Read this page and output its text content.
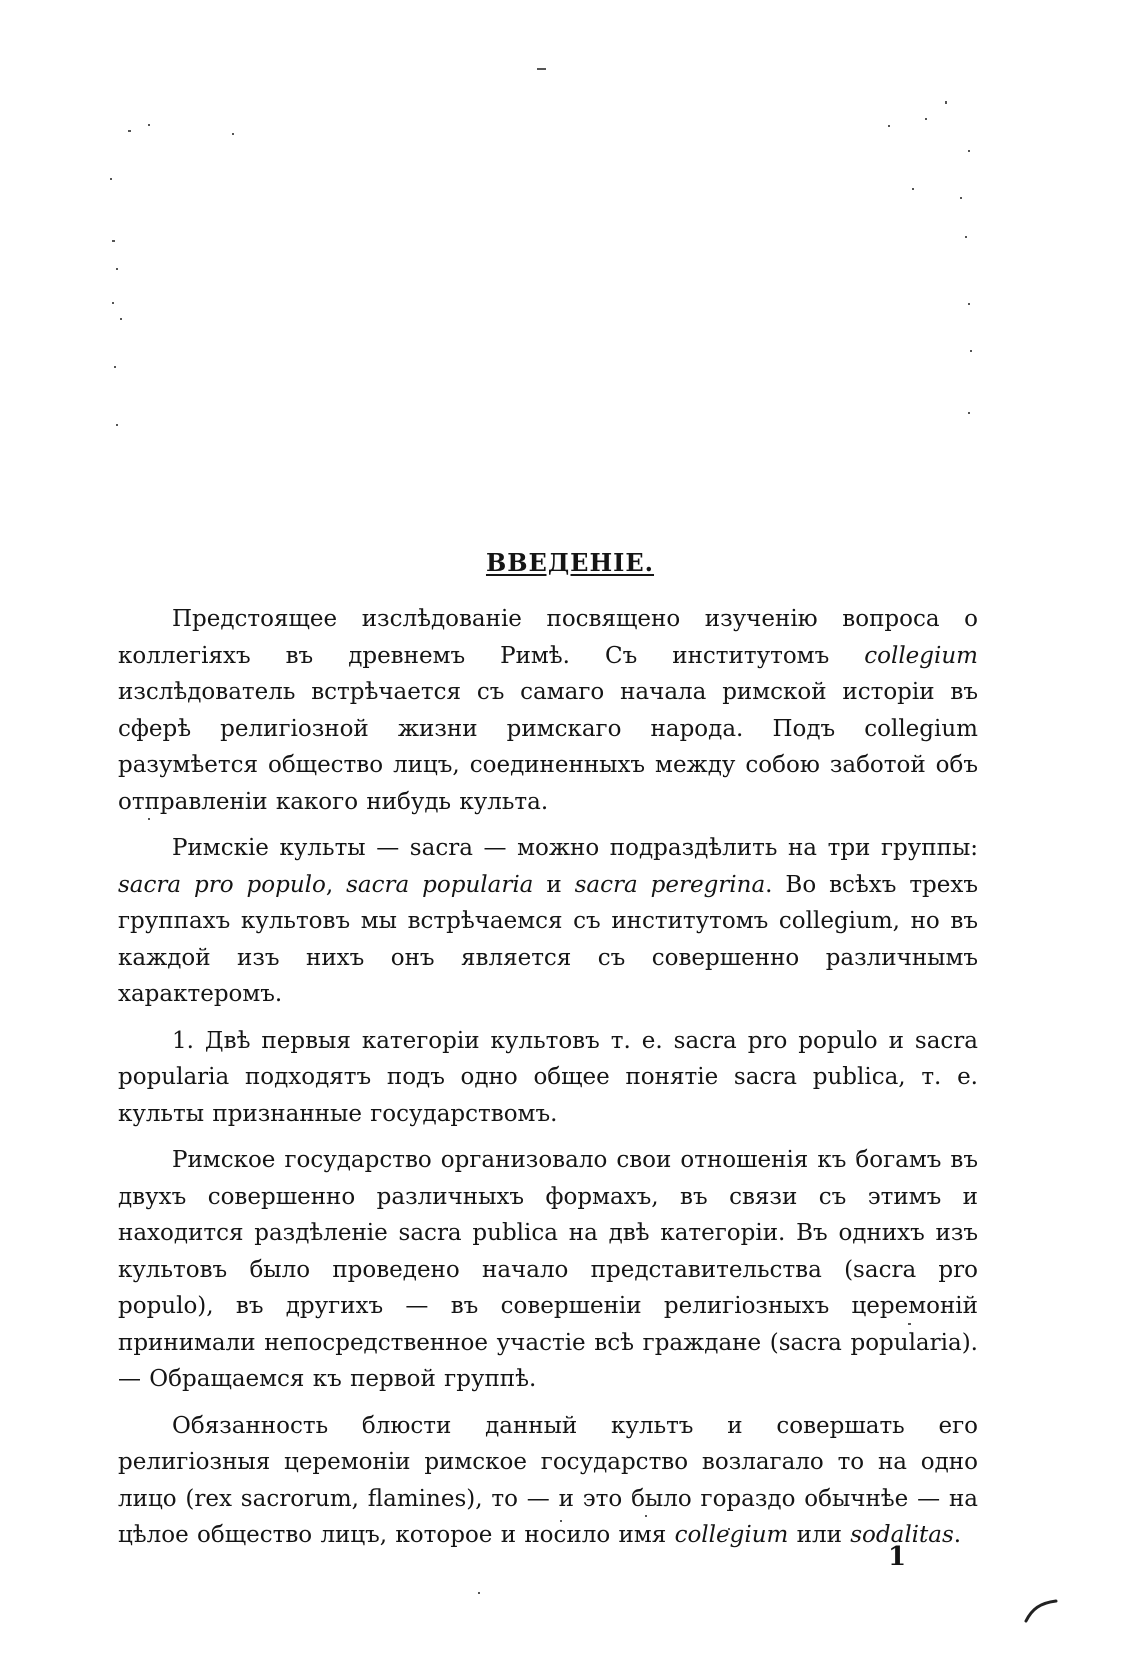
ВВЕДЕНІЕ.

Предстоящее изслѣдованіе посвящено изученію вопроса о коллегіяхъ въ древнемъ Римѣ. Съ институтомъ collegium изслѣдователь встрѣчается съ самаго начала римской исторіи въ сферѣ религіозной жизни римскаго народа. Подъ collegium разумѣется общество лицъ, соединенныхъ между собою заботой объ отправленіи какого нибудь культа.

Римскіе культы — sacra — можно подраздѣлить на три группы: sacra pro populo, sacra popularia и sacra peregrina. Во всѣхъ трехъ группахъ культовъ мы встрѣчаемся съ институтомъ collegium, но въ каждой изъ нихъ онъ является съ совершенно различнымъ характеромъ.

1. Двѣ первыя категоріи культовъ т. е. sacra pro populo и sacra popularia подходятъ подъ одно общее понятіе sacra publica, т. е. культы признанные государствомъ.

Римское государство организовало свои отношенія къ богамъ въ двухъ совершенно различныхъ формахъ, въ связи съ этимъ и находится раздѣленіе sacra publica на двѣ категоріи. Въ однихъ изъ культовъ было проведено начало представительства (sacra pro populo), въ другихъ — въ совершеніи религіозныхъ церемоній принимали непосредственное участіе всѣ граждане (sacra popularia). — Обращаемся къ первой группѣ.

Обязанность блюсти данный культъ и совершать его религіозныя церемоніи римское государство возлагало то на одно лицо (rex sacrorum, flamines), то — и это было гораздо обычнѣе — на цѣлое общество лицъ, которое и носило имя collegium или sodalitas.

1
